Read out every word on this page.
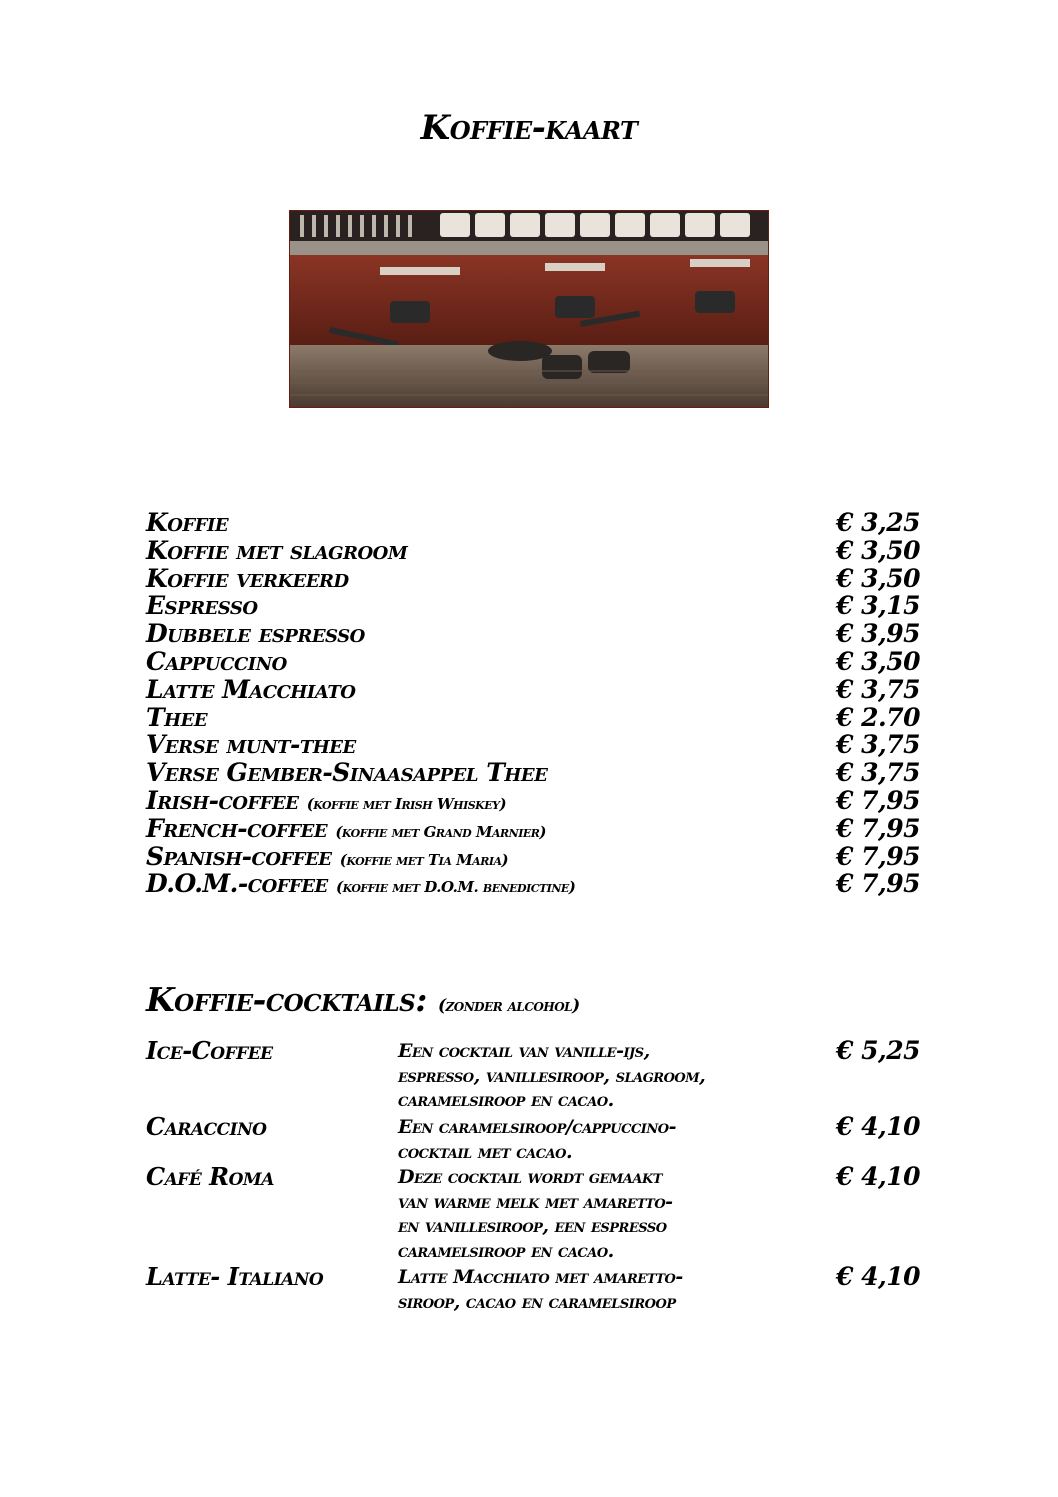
Koffie-kaart
Koffie	€ 3,25
Koffie met slagroom	€ 3,50
Koffie verkeerd	€ 3,50
Espresso	€ 3,15
Dubbele espresso	€ 3,95
Cappuccino	€ 3,50
Latte Macchiato	€ 3,75
Thee	€ 2.70
Verse munt-thee	€ 3,75
Verse Gember-Sinaasappel Thee	€ 3,75
Irish-coffee (koffie met Irish Whiskey)	€ 7,95
French-coffee (koffie met Grand Marnier)	€ 7,95
Spanish-coffee (koffie met Tia Maria)	€ 7,95
D.O.M.-coffee (koffie met D.O.M. benedictine)	€ 7,95
Koffie-cocktails: (zonder alcohol)
Ice-Coffee	Een cocktail van vanille-ijs,
espresso, vanillesiroop, slagroom,
caramelsiroop en cacao.
€ 5,25
Caraccino	Een caramelsiroop/cappuccino-
cocktail met cacao.
€ 4,10
Café Roma	Deze cocktail wordt gemaakt
van warme melk met amaretto-
en vanillesiroop, een espresso
caramelsiroop en cacao.
€ 4,10
Latte- Italiano	Latte Macchiato met amaretto-
siroop, cacao en caramelsiroop
€ 4,10
